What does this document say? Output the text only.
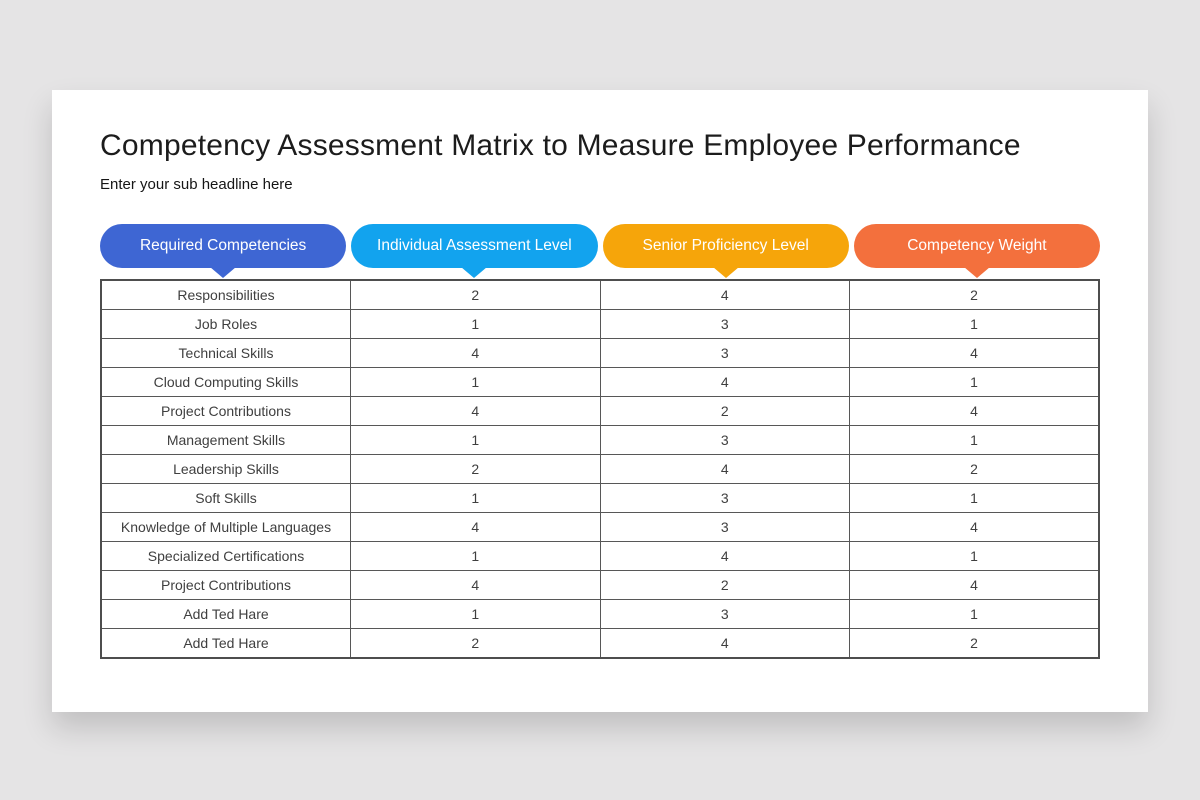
Competency Assessment Matrix to Measure Employee Performance

Enter your sub headline here

Required Competencies	Individual Assessment Level	Senior Proficiency Level	Competency Weight
Responsibilities	2	4	2
Job Roles	1	3	1
Technical Skills	4	3	4
Cloud Computing Skills	1	4	1
Project Contributions	4	2	4
Management Skills	1	3	1
Leadership Skills	2	4	2
Soft Skills	1	3	1
Knowledge of Multiple Languages	4	3	4
Specialized Certifications	1	4	1
Project Contributions	4	2	4
Add Ted Hare	1	3	1
Add Ted Hare	2	4	2
